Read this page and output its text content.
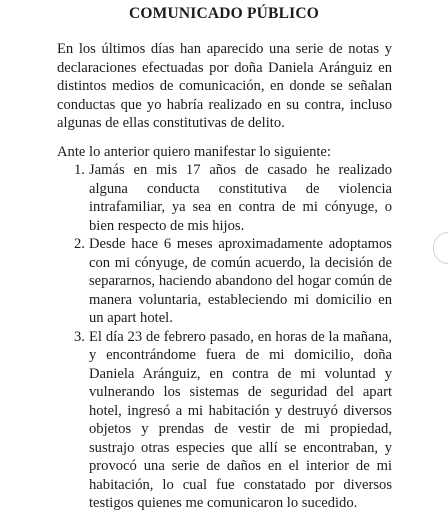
COMUNICADO PÚBLICO

En los últimos días han aparecido una serie de notas y declaraciones efectuadas por doña Daniela Aránguiz en distintos medios de comunicación, en donde se señalan conductas que yo habría realizado en su contra, incluso algunas de ellas constitutivas de delito.

Ante lo anterior quiero manifestar lo siguiente:

1. Jamás en mis 17 años de casado he realizado alguna conducta constitutiva de violencia intrafamiliar, ya sea en contra de mi cónyuge, o bien respecto de mis hijos.
2. Desde hace 6 meses aproximadamente adoptamos con mi cónyuge, de común acuerdo, la decisión de separarnos, haciendo abandono del hogar común de manera voluntaria, estableciendo mi domicilio en un apart hotel.
3. El día 23 de febrero pasado, en horas de la mañana, y encontrándome fuera de mi domicilio, doña Daniela Aránguiz, en contra de mi voluntad y vulnerando los sistemas de seguridad del apart hotel, ingresó a mi habitación y destruyó diversos objetos y prendas de vestir de mi propiedad, sustrajo otras especies que allí se encontraban, y provocó una serie de daños en el interior de mi habitación, lo cual fue constatado por diversos testigos quienes me comunicaron lo sucedido.
